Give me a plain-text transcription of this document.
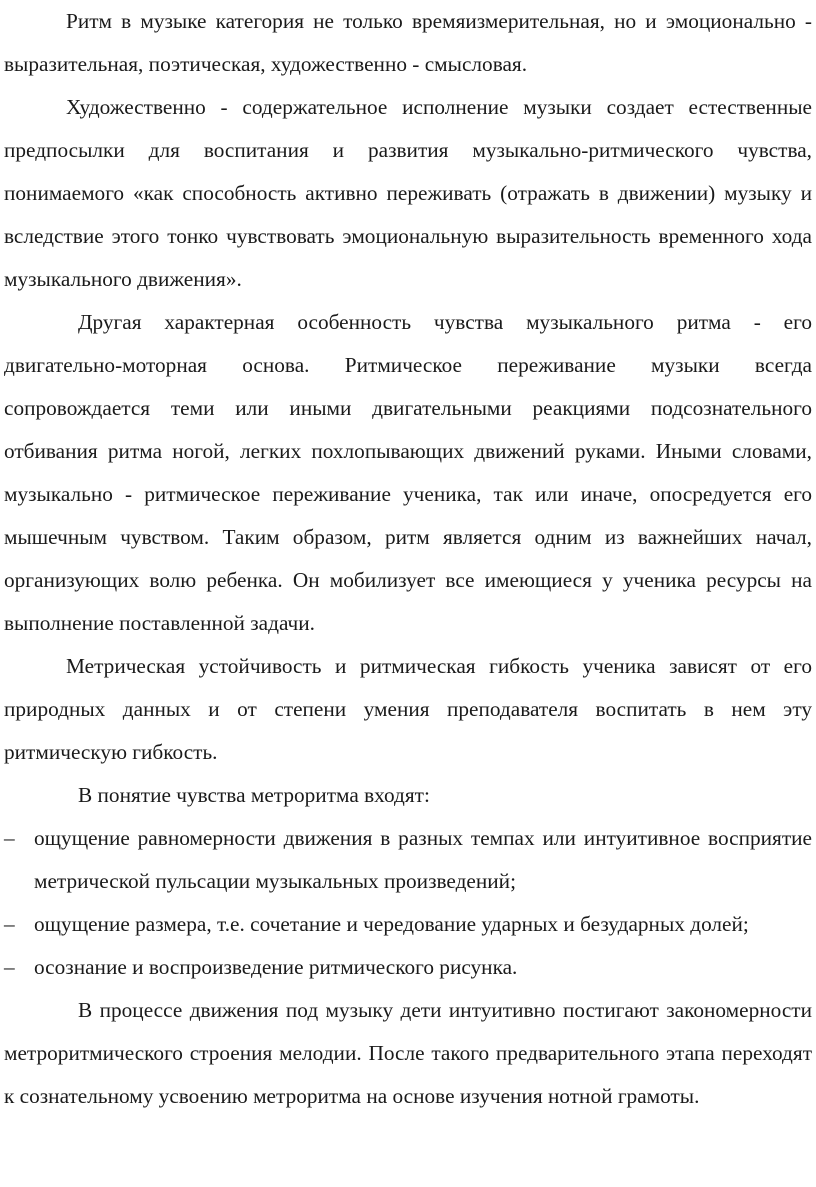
Ритм в музыке категория не только времяизмерительная, но и эмоционально - выразительная, поэтическая, художественно - смысловая.

Художественно - содержательное исполнение музыки создает естественные предпосылки для воспитания и развития музыкально-ритмического чувства, понимаемого «как способность активно переживать (отражать в движении) музыку и вследствие этого тонко чувствовать эмоциональную выразительность временного хода музыкального движения».

Другая характерная особенность чувства музыкального ритма - его двигательно-моторная основа. Ритмическое переживание музыки всегда сопровождается теми или иными двигательными реакциями подсознательного отбивания ритма ногой, легких похлопывающих движений руками. Иными словами, музыкально - ритмическое переживание ученика, так или иначе, опосредуется его мышечным чувством. Таким образом, ритм является одним из важнейших начал, организующих волю ребенка. Он мобилизует все имеющиеся у ученика ресурсы на выполнение поставленной задачи.

Метрическая устойчивость и ритмическая гибкость ученика зависят от его природных данных и от степени умения преподавателя воспитать в нем эту ритмическую гибкость.

В понятие чувства метроритма входят:

– ощущение равномерности движения в разных темпах или интуитивное восприятие метрической пульсации музыкальных произведений;
– ощущение размера, т.е. сочетание и чередование ударных и безударных долей;
– осознание и воспроизведение ритмического рисунка.

В процессе движения под музыку дети интуитивно постигают закономерности метроритмического строения мелодии. После такого предварительного этапа переходят к сознательному усвоению метроритма на основе изучения нотной грамоты.
